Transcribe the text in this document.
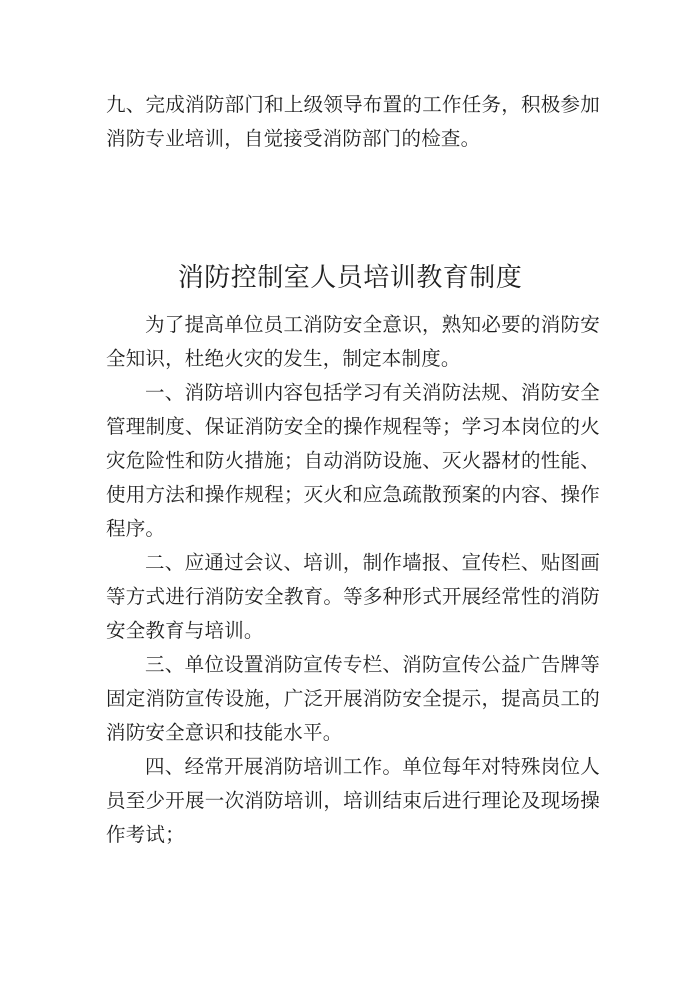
九、完成消防部门和上级领导布置的工作任务，积极参加消防专业培训，自觉接受消防部门的检查。

消防控制室人员培训教育制度

为了提高单位员工消防安全意识，熟知必要的消防安全知识，杜绝火灾的发生，制定本制度。

一、消防培训内容包括学习有关消防法规、消防安全管理制度、保证消防安全的操作规程等；学习本岗位的火灾危险性和防火措施；自动消防设施、灭火器材的性能、使用方法和操作规程；灭火和应急疏散预案的内容、操作程序。

二、应通过会议、培训，制作墙报、宣传栏、贴图画等方式进行消防安全教育。等多种形式开展经常性的消防安全教育与培训。

三、单位设置消防宣传专栏、消防宣传公益广告牌等固定消防宣传设施，广泛开展消防安全提示，提高员工的消防安全意识和技能水平。

四、经常开展消防培训工作。单位每年对特殊岗位人员至少开展一次消防培训，培训结束后进行理论及现场操作考试；
